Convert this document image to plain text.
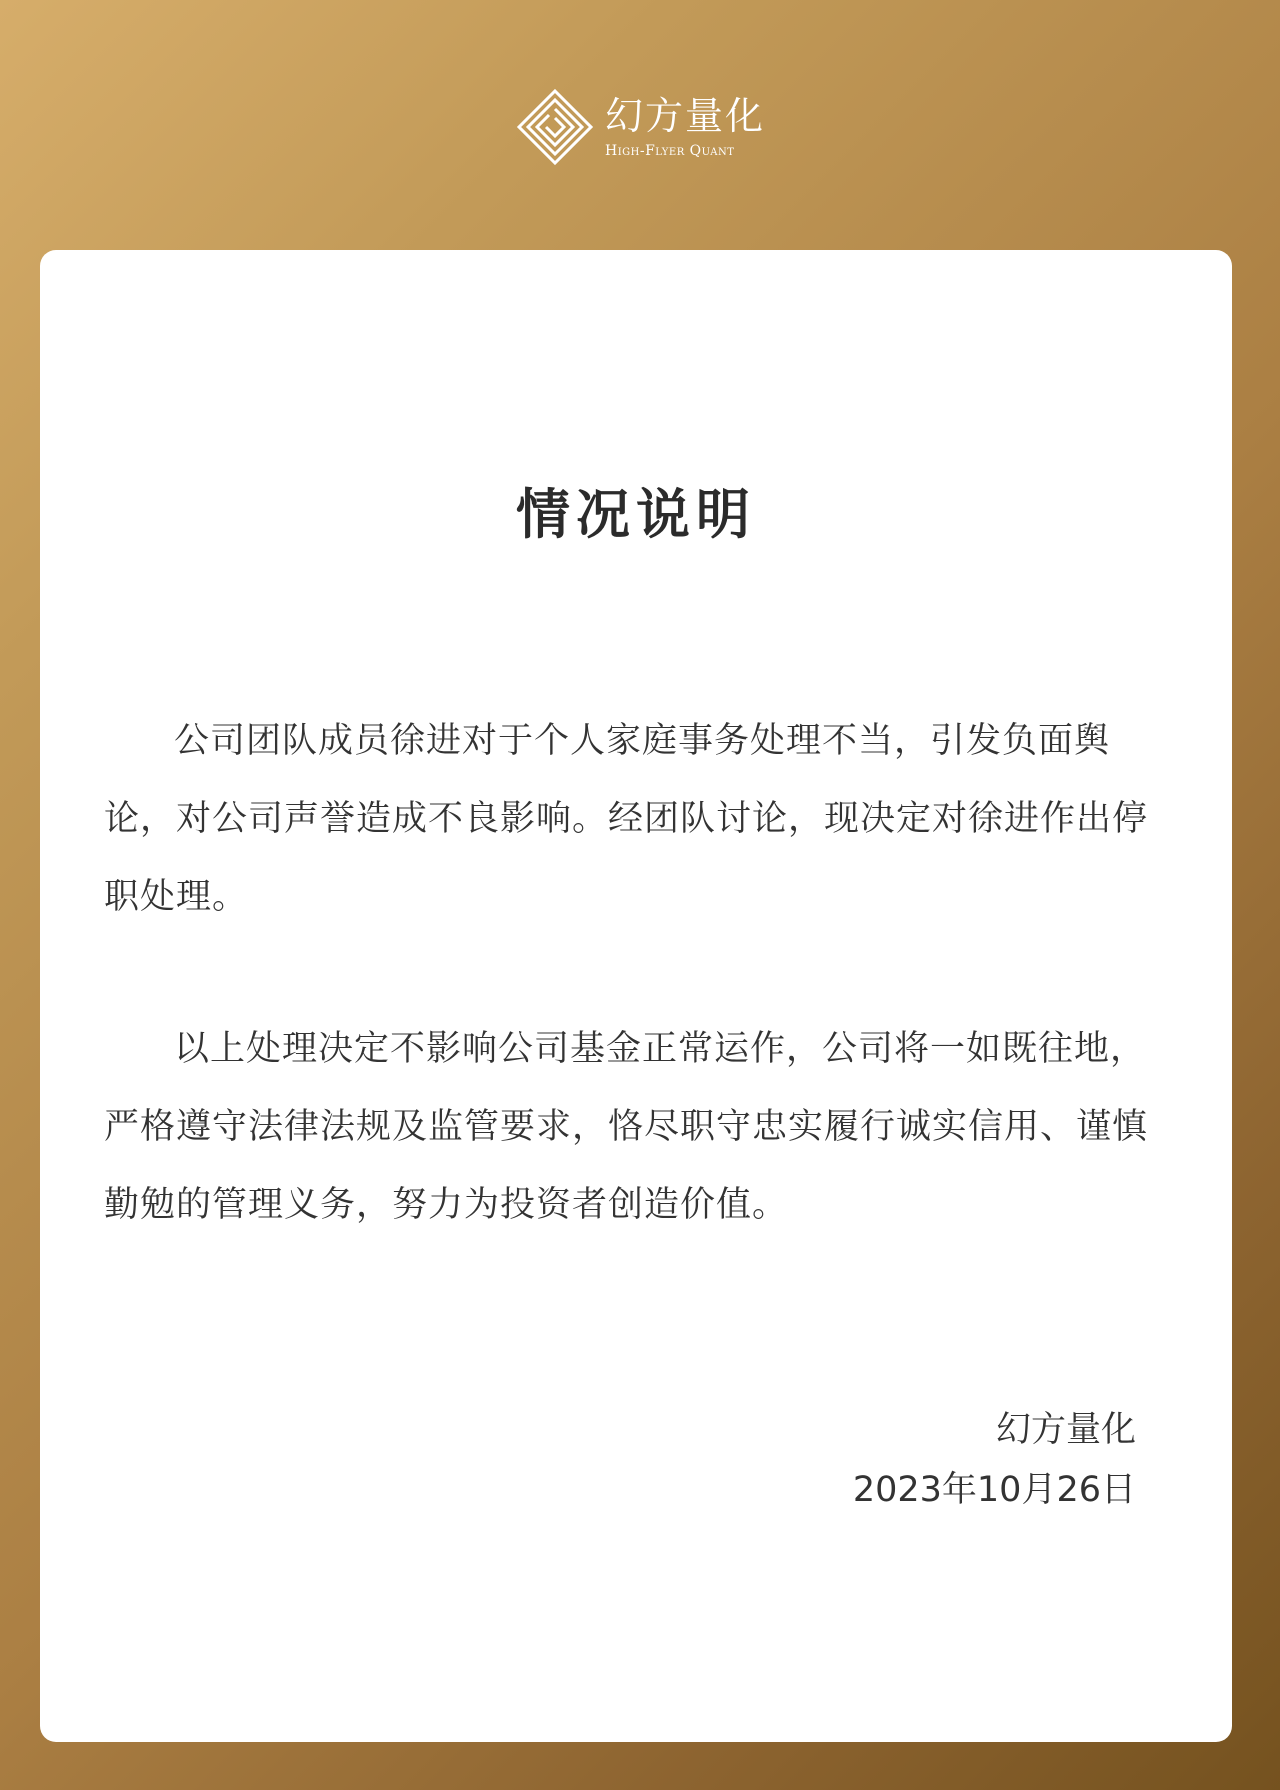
幻方量化
High-Flyer Quant
情况说明

公司团队成员徐进对于个人家庭事务处理不当，引发负面舆论，对公司声誉造成不良影响。经团队讨论，现决定对徐进作出停职处理。

以上处理决定不影响公司基金正常运作，公司将一如既往地，严格遵守法律法规及监管要求，恪尽职守忠实履行诚实信用、谨慎勤勉的管理义务，努力为投资者创造价值。

幻方量化
2023年10月26日
